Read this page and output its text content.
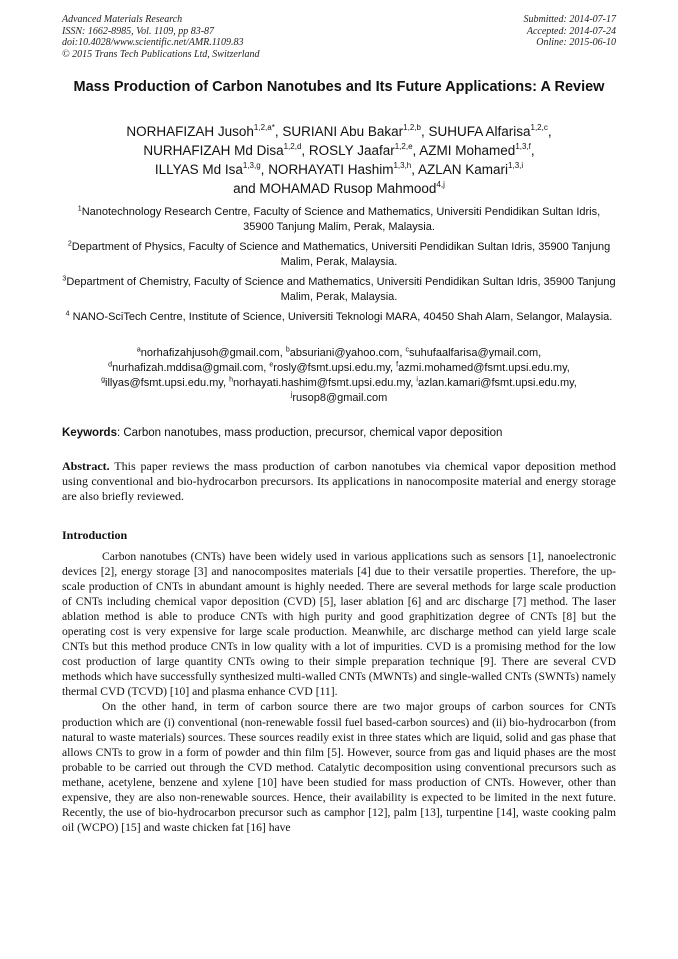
Advanced Materials Research
ISSN: 1662-8985, Vol. 1109, pp 83-87
doi:10.4028/www.scientific.net/AMR.1109.83
© 2015 Trans Tech Publications Ltd, Switzerland
Submitted: 2014-07-17
Accepted: 2014-07-24
Online: 2015-06-10
Mass Production of Carbon Nanotubes and Its Future Applications: A Review
NORHAFIZAH Jusoh$^{1,2,a*}$, SURIANI Abu Bakar$^{1,2,b}$, SUHUFA Alfarisa$^{1,2,c}$,
NURHAFIZAH Md Disa$^{1,2,d}$, ROSLY Jaafar$^{1,2,e}$, AZMI Mohamed$^{1,3,f}$,
ILLYAS Md Isa$^{1,3,g}$, NORHAYATI Hashim$^{1,3,h}$, AZLAN Kamari$^{1,3,i}$
and MOHAMAD Rusop Mahmood$^{4,j}$
$^1$Nanotechnology Research Centre, Faculty of Science and Mathematics, Universiti Pendidikan Sultan Idris, 35900 Tanjung Malim, Perak, Malaysia.
$^2$Department of Physics, Faculty of Science and Mathematics, Universiti Pendidikan Sultan Idris, 35900 Tanjung Malim, Perak, Malaysia.
$^3$Department of Chemistry, Faculty of Science and Mathematics, Universiti Pendidikan Sultan Idris, 35900 Tanjung Malim, Perak, Malaysia.
$^4$ NANO-SciTech Centre, Institute of Science, Universiti Teknologi MARA, 40450 Shah Alam, Selangor, Malaysia.
$^a$norhafizahjusoh@gmail.com, $^b$absuriani@yahoo.com, $^c$suhufaalfarisa@ymail.com,
$^d$nurhafizah.mddisa@gmail.com, $^e$rosly@fsmt.upsi.edu.my, $^f$azmi.mohamed@fsmt.upsi.edu.my,
$^g$illyas@fsmt.upsi.edu.my, $^h$norhayati.hashim@fsmt.upsi.edu.my, $^i$azlan.kamari@fsmt.upsi.edu.my,
$^j$rusop8@gmail.com
Keywords: Carbon nanotubes, mass production, precursor, chemical vapor deposition
Abstract. This paper reviews the mass production of carbon nanotubes via chemical vapor deposition method using conventional and bio-hydrocarbon precursors. Its applications in nanocomposite material and energy storage are also briefly reviewed.
Introduction

Carbon nanotubes (CNTs) have been widely used in various applications such as sensors [1], nanoelectronic devices [2], energy storage [3] and nanocomposites materials [4] due to their versatile properties. Therefore, the up-scale production of CNTs in abundant amount is highly needed. There are several methods for large scale production of CNTs including chemical vapor deposition (CVD) [5], laser ablation [6] and arc discharge [7] method. The laser ablation method is able to produce CNTs with high purity and good graphitization degree of CNTs [8] but the operating cost is very expensive for large scale production. Meanwhile, arc discharge method can yield large scale CNTs but this method produce CNTs in low quality with a lot of impurities. CVD is a promising method for the low cost production of large quantity CNTs owing to their simple preparation technique [9]. There are several CVD methods which have successfully synthesized multi-walled CNTs (MWNTs) and single-walled CNTs (SWNTs) namely thermal CVD (TCVD) [10] and plasma enhance CVD [11].

On the other hand, in term of carbon source there are two major groups of carbon sources for CNTs production which are (i) conventional (non-renewable fossil fuel based-carbon sources) and (ii) bio-hydrocarbon (from natural to waste materials) sources. These sources readily exist in three states which are liquid, solid and gas phase that allows CNTs to grow in a form of powder and thin film [5]. However, source from gas and liquid phases are the most probable to be carried out through the CVD method. Catalytic decomposition using conventional precursors such as methane, acetylene, benzene and xylene [10] have been studied for mass production of CNTs. However, other than expensive, they are also non-renewable sources. Hence, their availability is expected to be limited in the next future. Recently, the use of bio-hydrocarbon precursor such as camphor [12], palm [13], turpentine [14], waste cooking palm oil (WCPO) [15] and waste chicken fat [16] have
